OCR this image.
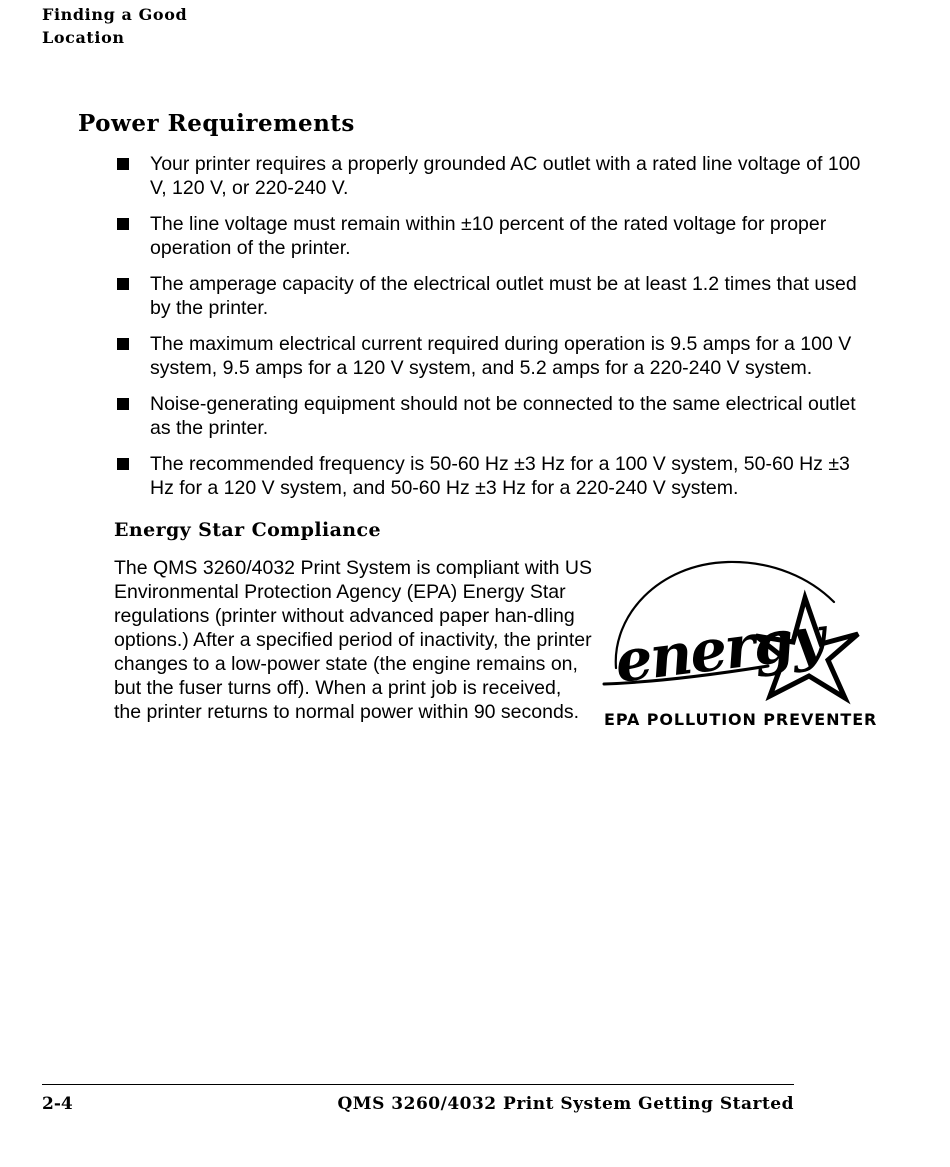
Finding a Good
Location
Power Requirements
Your printer requires a properly grounded AC outlet with a rated line voltage of 100 V, 120 V, or 220-240 V.
The line voltage must remain within ±10 percent of the rated voltage for proper operation of the printer.
The amperage capacity of the electrical outlet must be at least 1.2 times that used by the printer.
The maximum electrical current required during operation is 9.5 amps for a 100 V system, 9.5 amps for a 120 V system, and 5.2 amps for a 220-240 V system.
Noise-generating equipment should not be connected to the same electrical outlet as the printer.
The recommended frequency is 50-60 Hz ±3 Hz for a 100 V system, 50-60 Hz ±3 Hz for a 120 V system, and 50-60 Hz ±3 Hz for a 220-240 V system.
Energy Star Compliance

The QMS 3260/4032 Print System is compliant with US Environmental Protection Agency (EPA) Energy Star regulations (printer without advanced paper han-dling options.) After a specified period of inactivity, the printer changes to a low-power state (the engine remains on, but the fuser turns off). When a print job is received, the printer returns to normal power within 90 seconds.

energy
EPA POLLUTION PREVENTER
2-4	QMS 3260/4032 Print System Getting Started
